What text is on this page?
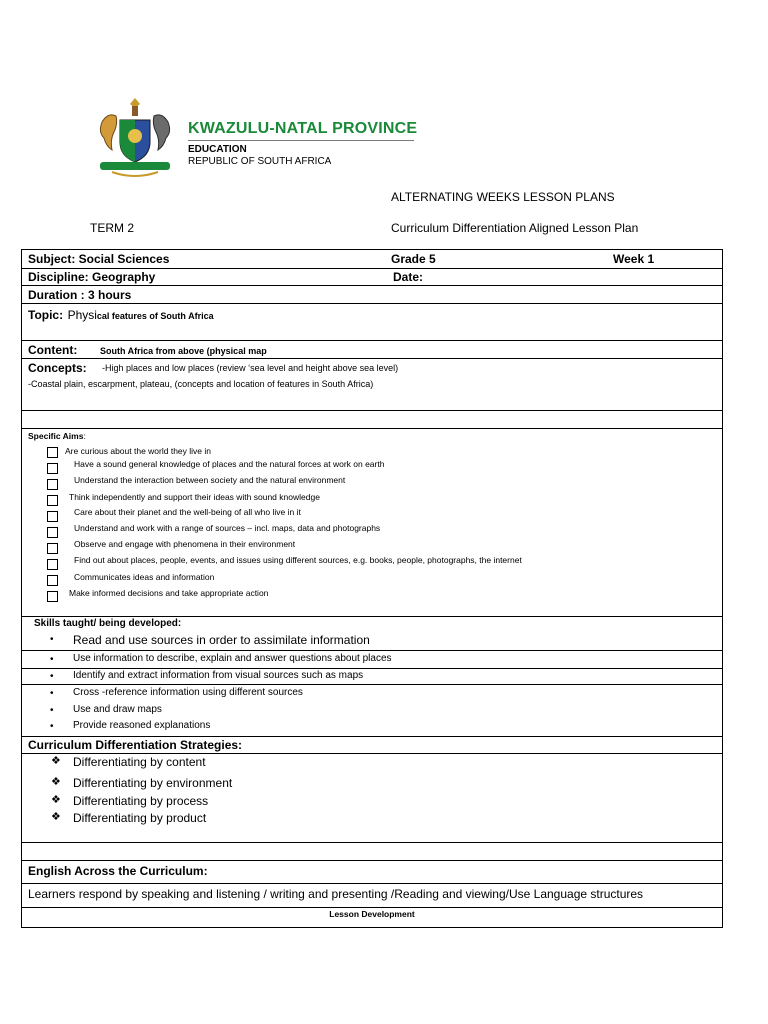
KWAZULU-NATAL PROVINCE
EDUCATION
REPUBLIC OF SOUTH AFRICA
ALTERNATING WEEKS LESSON PLANS
TERM 2	Curriculum Differentiation Aligned Lesson Plan
Subject: Social Sciences	Grade 5	Week 1
Discipline: Geography	Date:
Duration : 3 hours
Topic: Physical features of South Africa
Content:	South Africa from above (physical map
Concepts: -High places and low places (review ‘sea level and height above sea level)
-Coastal plain, escarpment, plateau, (concepts and location of features in South Africa)
Specific Aims:
Are curious about the world they live in
Have a sound general knowledge of places and the natural forces at work on earth
Understand the interaction between society and the natural environment
Think independently and support their ideas with sound knowledge
Care about their planet and the well-being of all who live in it
Understand and work with a range of sources – incl. maps, data and photographs
Observe and engage with phenomena in their environment
Find out about places, people, events, and issues using different sources, e.g. books, people, photographs, the internet
Communicates ideas and information
Make informed decisions and take appropriate action
Skills taught/ being developed:
• Read and use sources in order to assimilate information
• Use information to describe, explain and answer questions about places
• Identify and extract information from visual sources such as maps
• Cross -reference information using different sources
• Use and draw maps
• Provide reasoned explanations
Curriculum Differentiation Strategies:
❖ Differentiating by content
❖ Differentiating by environment
❖ Differentiating by process
❖ Differentiating by product
English Across the Curriculum:
Learners respond by speaking and listening / writing and presenting /Reading and viewing/Use Language structures
Lesson Development
